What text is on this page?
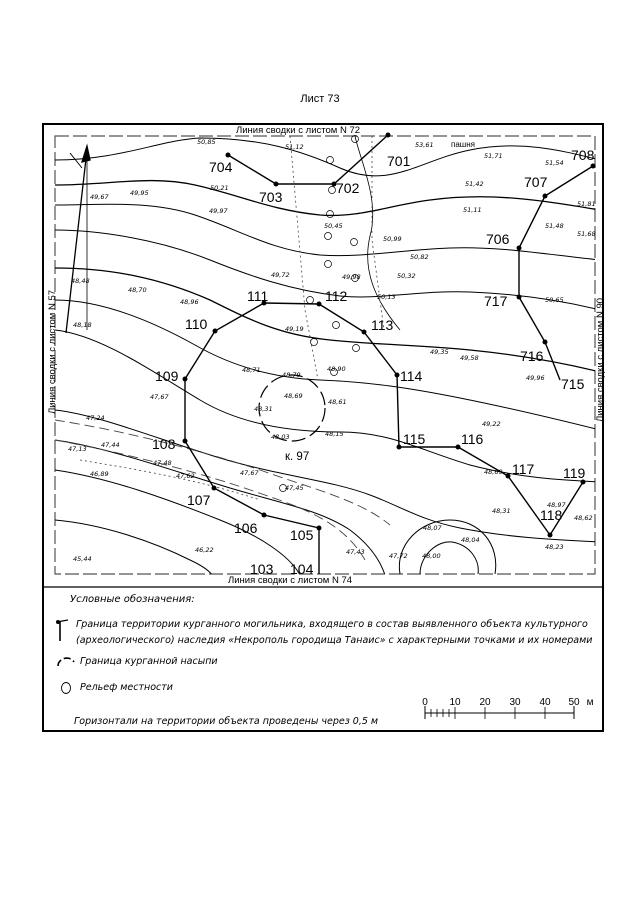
Лист 73
Линия сводки с листом N 72
Линия сводки с листом N 74
Линия сводки с листом N 57	Линия сводки с листом N 90
пашня
к. 97
701
702
703
704
105
104
103
106
107
108
109
110
111	112
113
114
115	116
117
118
119
715
716
717
706
707
708
50,85
51,12
51,42
51,71
51,54
51,81
51,48
51,68
51,11
50,99
50,82
50,32
50,13	50,65
50,45
50,21
49,95
49,97
49,67
49,72	49,98
48,48
48,70
48,96
48,18	49,19
48,71
48,79
48,90
48,69
48,61
48,31
48,03	48,15
49,35
49,58
49,96
49,22
47,67
47,24
47,13 47,44
47,48
47,62
46,89	47,67
47,45
48,69
48,31
48,97
48,62
48,23
48,07
48,04
47,72 48,00
47,43
46,22
45,44
53,61
0 10 20 30 40 50 м
Условные обозначения:
Граница территории курганного могильника, входящего в состав выявленного объекта культурного
(археологического) наследия «Некрополь городища Танаис» с характерными точками и их номерами
Граница курганной насыпи
Рельеф местности
Горизонтали на территории объекта проведены через 0,5 м
